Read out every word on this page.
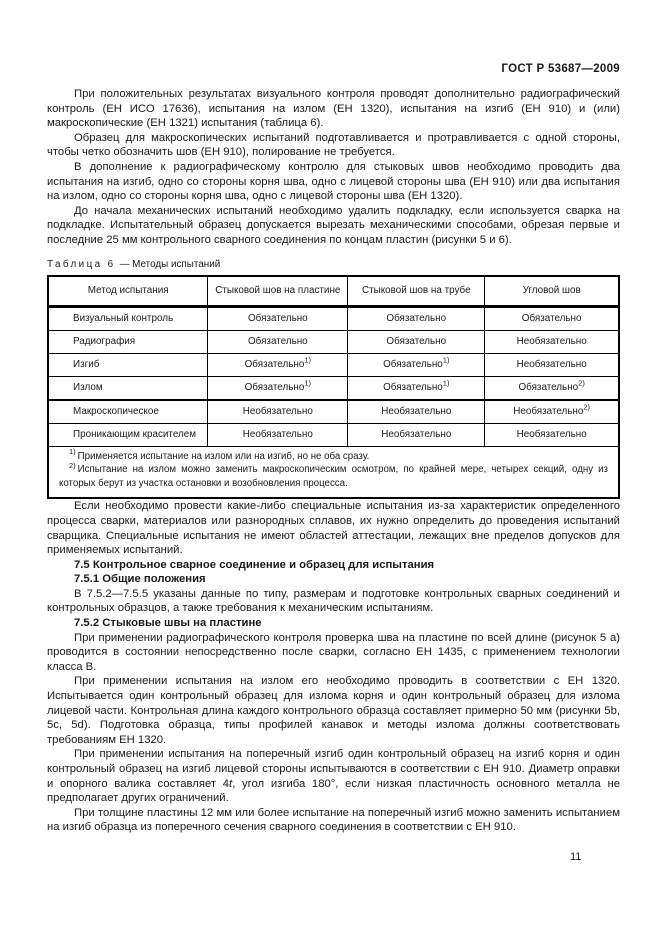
ГОСТ Р 53687—2009

При положительных результатах визуального контроля проводят дополнительно радиографический контроль (ЕН ИСО 17636), испытания на излом (ЕН 1320), испытания на изгиб (ЕН 910) и (или) макроскопические (ЕН 1321) испытания (таблица 6).

Образец для макроскопических испытаний подготавливается и протравливается с одной стороны, чтобы четко обозначить шов (ЕН 910), полирование не требуется.

В дополнение к радиографическому контролю для стыковых швов необходимо проводить два испытания на изгиб, одно со стороны корня шва, одно с лицевой стороны шва (ЕН 910) или два испытания на излом, одно со стороны корня шва, одно с лицевой стороны шва (ЕН 1320).

До начала механических испытаний необходимо удалить подкладку, если используется сварка на подкладке. Испытательный образец допускается вырезать механическими способами, обрезая первые и последние 25 мм контрольного сварного соединения по концам пластин (рисунки 5 и 6).

Таблица 6 — Методы испытаний
Метод испытания	Стыковой шов на пластине	Стыковой шов на трубе	Угловой шов
Визуальный контроль	Обязательно	Обязательно	Обязательно
Радиография	Обязательно	Обязательно	Необязательно
Изгиб	Обязательно$^{1)}$	Обязательно$^{1)}$	Необязательно
Излом	Обязательно$^{1)}$	Обязательно$^{1)}$	Обязательно$^{2)}$
Макроскопическое	Необязательно	Необязательно	Необязательно$^{2)}$
Проникающим красителем	Необязательно	Необязательно	Необязательно

$^{1)}$ Применяется испытание на излом или на изгиб, но не оба сразу.

$^{2)}$ Испытание на излом можно заменить макроскопическим осмотром, по крайней мере, четырех секций, одну из которых берут из участка остановки и возобновления процесса.			

Если необходимо провести какие-либо специальные испытания из-за характеристик определенного процесса сварки, материалов или разнородных сплавов, их нужно определить до проведения испытаний сварщика. Специальные испытания не имеют областей аттестации, лежащих вне пределов допусков для применяемых испытаний.

7.5 Контрольное сварное соединение и образец для испытания

7.5.1 Общие положения

В 7.5.2—7.5.5 указаны данные по типу, размерам и подготовке контрольных сварных соединений и контрольных образцов, а также требования к механическим испытаниям.

7.5.2 Стыковые швы на пластине

При применении радиографического контроля проверка шва на пластине по всей длине (рисунок 5 а) проводится в состоянии непосредственно после сварки, согласно ЕН 1435, с применением технологии класса В.

При применении испытания на излом его необходимо проводить в соответствии с ЕН 1320. Испытывается один контрольный образец для излома корня и один контрольный образец для излома лицевой части. Контрольная длина каждого контрольного образца составляет примерно 50 мм (рисунки 5b, 5c, 5d). Подготовка образца, типы профилей канавок и методы излома должны соответствовать требованиям ЕН 1320.

При применении испытания на поперечный изгиб один контрольный образец на изгиб корня и один контрольный образец на изгиб лицевой стороны испытываются в соответствии с ЕН 910. Диаметр оправки и опорного валика составляет 4t, угол изгиба 180°, если низкая пластичность основного металла не предполагает других ограничений.

При толщине пластины 12 мм или более испытание на поперечный изгиб можно заменить испытанием на изгиб образца из поперечного сечения сварного соединения в соответствии с ЕН 910.

11
